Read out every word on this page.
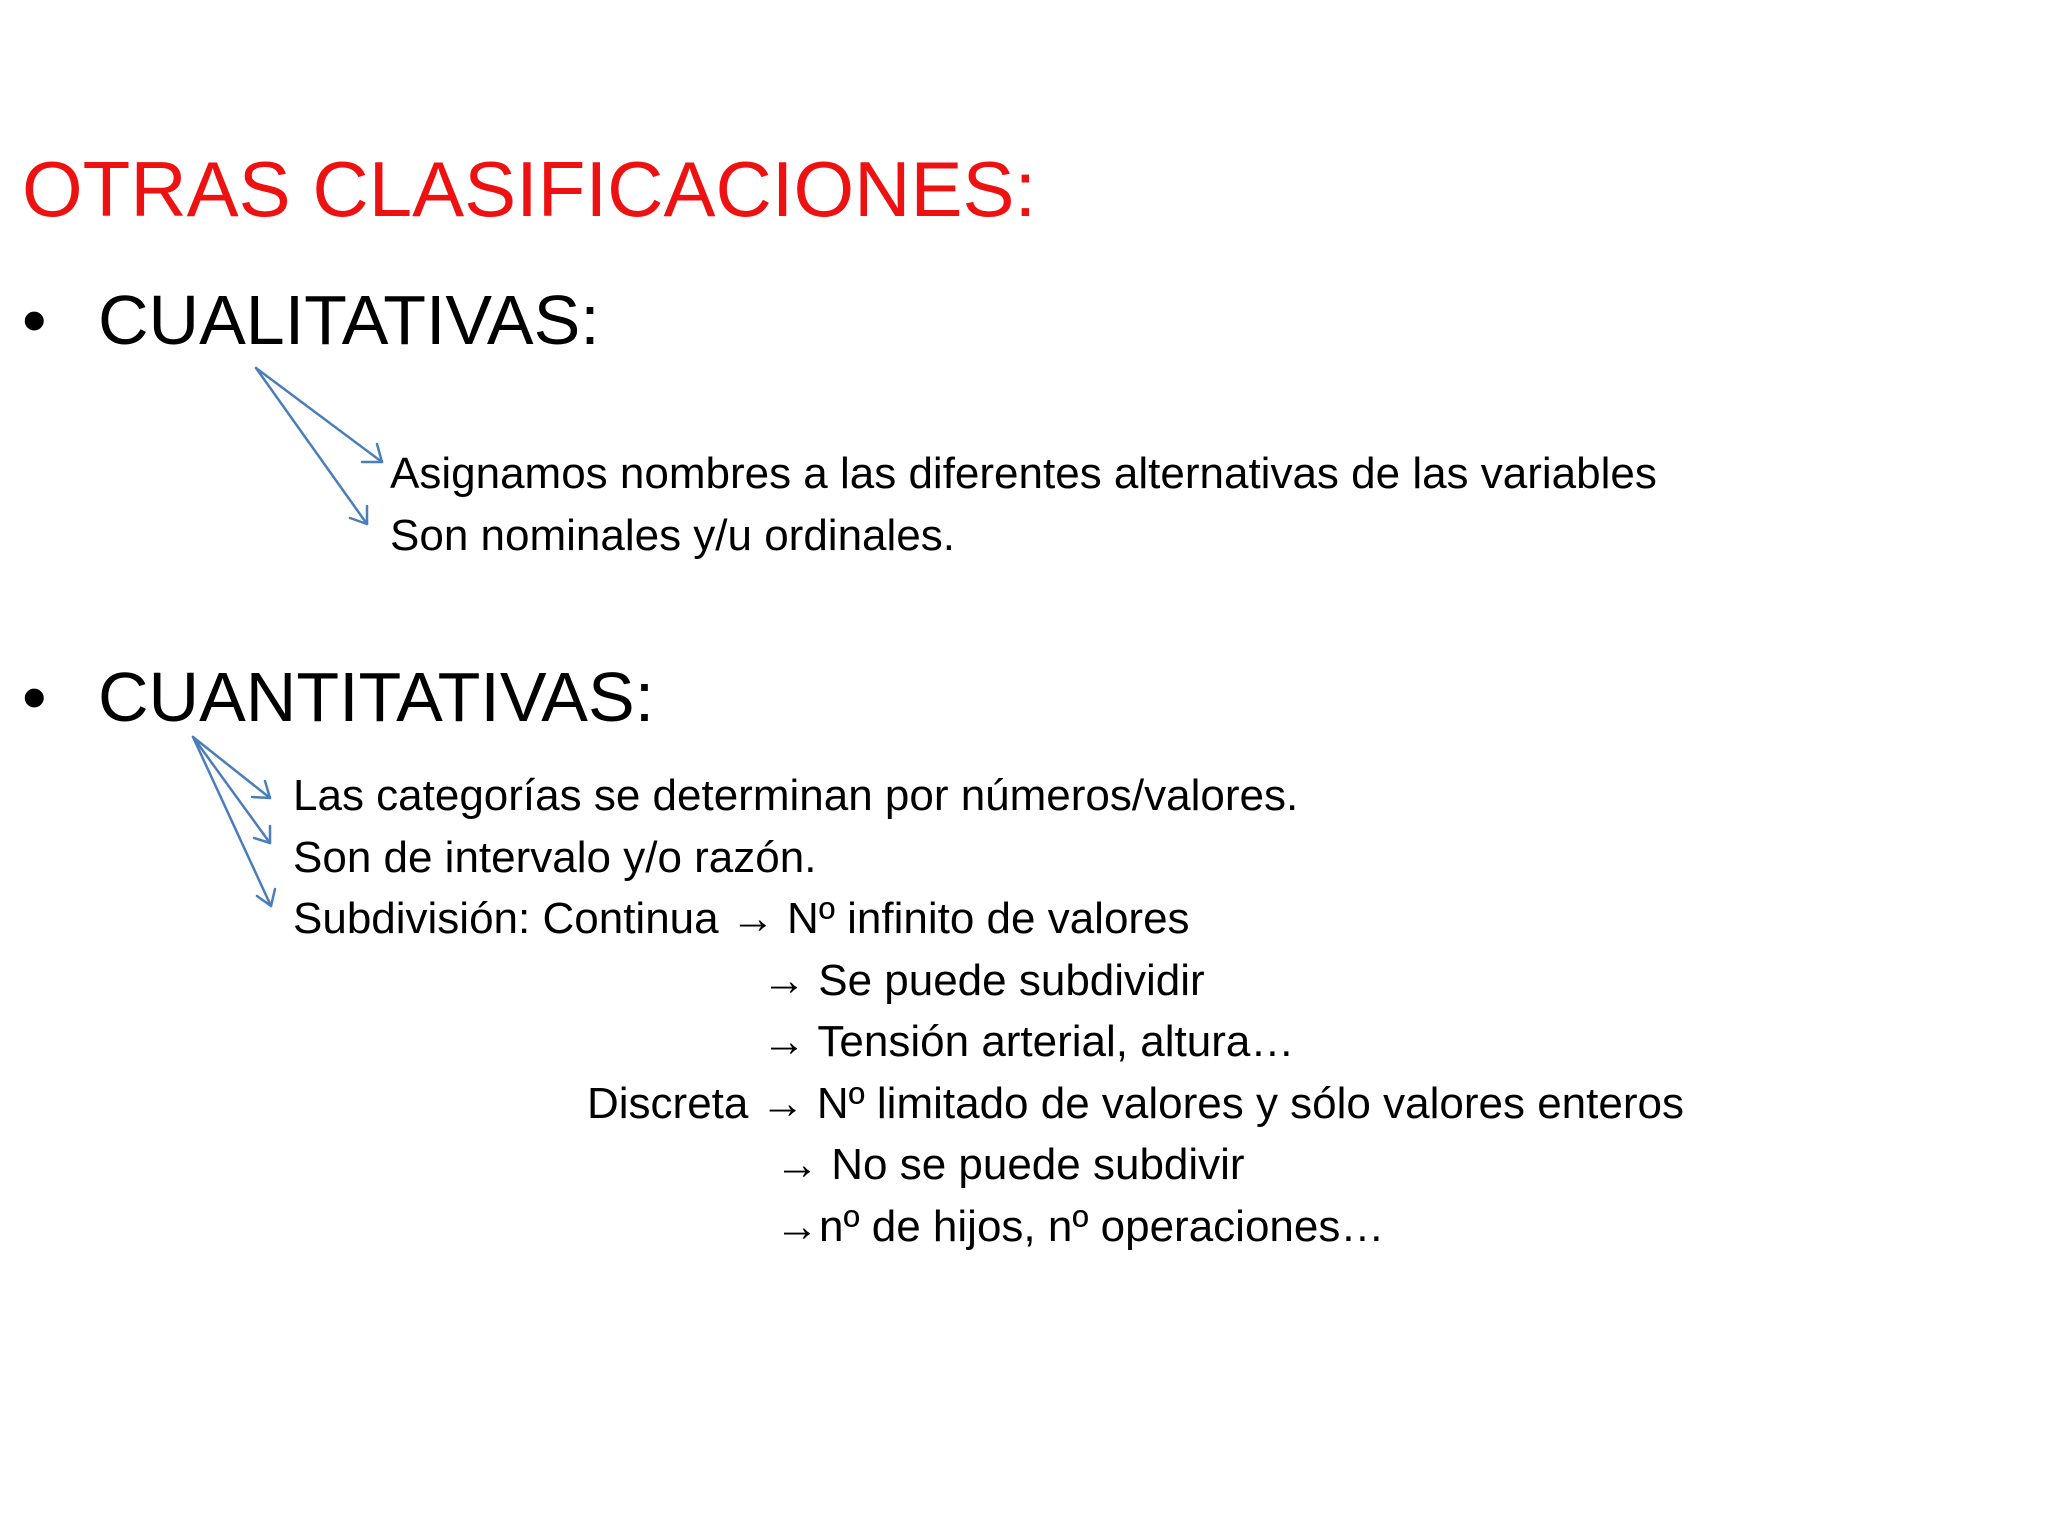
OTRAS CLASIFICACIONES:
• CUALITATIVAS:
Asignamos nombres a las diferentes alternativas de las variables
Son nominales y/u ordinales.
• CUANTITATIVAS:
Las categorías se determinan por números/valores.
Son de intervalo y/o razón.
Subdivisión: Continua → Nº infinito de valores
→ Se puede subdividir
→ Tensión arterial, altura…
Discreta → Nº limitado de valores y sólo valores enteros
→ No se puede subdivir
→nº de hijos, nº operaciones…
